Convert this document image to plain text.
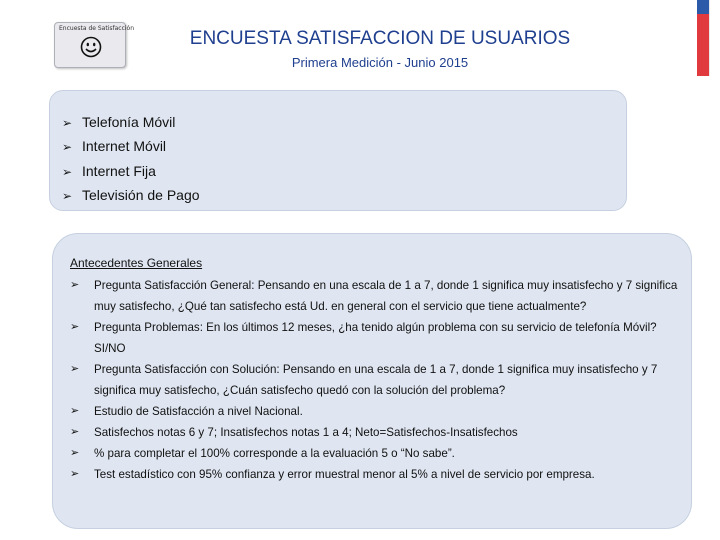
Encuesta de Satisfacción	ENCUESTA SATISFACCION DE USUARIOS
Primera Medición - Junio 2015
➢ Telefonía Móvil
➢ Internet Móvil
➢ Internet Fija
➢ Televisión de Pago
Antecedentes Generales
➢ Pregunta Satisfacción General: Pensando en una escala de 1 a 7, donde 1 significa muy insatisfecho y 7 significa muy satisfecho, ¿Qué tan satisfecho está Ud. en general con el servicio que tiene actualmente?
➢ Pregunta Problemas: En los últimos 12 meses, ¿ha tenido algún problema con su servicio de telefonía Móvil? SI/NO
➢ Pregunta Satisfacción con Solución: Pensando en una escala de 1 a 7, donde 1 significa muy insatisfecho y 7 significa muy satisfecho, ¿Cuán satisfecho quedó con la solución del problema?
➢ Estudio de Satisfacción a nivel Nacional.
➢ Satisfechos notas 6 y 7; Insatisfechos notas 1 a 4; Neto=Satisfechos-Insatisfechos
➢ % para completar el 100% corresponde a la evaluación 5 o “No sabe”.
➢ Test estadístico con 95% confianza y error muestral menor al 5% a nivel de servicio por empresa.
